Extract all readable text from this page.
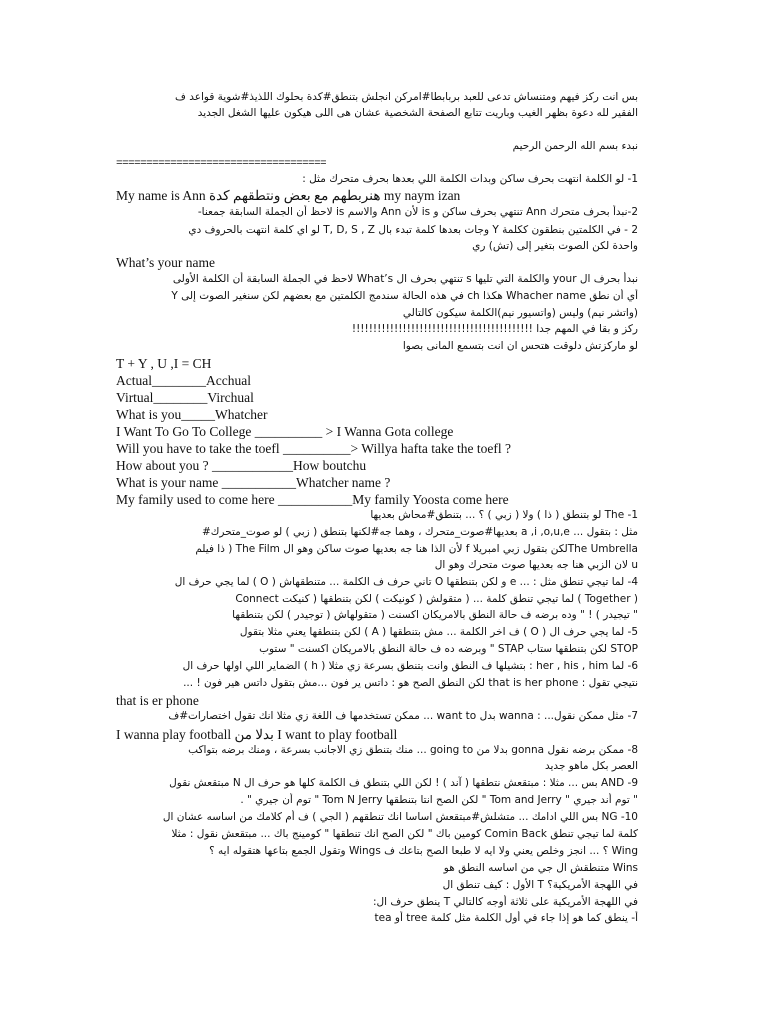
بس انت ركز فيهم ومتنساش تدعى للعبد بربابطا#امركن انجلش بتنطق#كدة بحلوك اللذيذ#شوية قواعد ف
الفقير لله دعوة بظهر الغيب وباريت تتابع الصفحة الشخصية عشان هى اللى هيكون عليها الشغل الجديد
نبدء بسم الله الرحمن الرحيم
===================================
1- لو الكلمة انتهت بحرف ساكن وبدات الكلمة اللي بعدها بحرف متحرك مثل :
My name is Ann هنربطهم مع بعض ونتطقهم كدة my naym izan
2-نبدأ بحرف متحرك Ann تنتهي بحرف ساكن و is لأن Ann والاسم is لاحظ أن الجملة السابقة جمعنا-
2 - في الكلمتين بنطقون ككلمة Y وجات بعدها كلمة تبدء بال T, D, S , Z لو اي كلمة انتهت بالحروف دي
واحدة لكن الصوت بتغير إلى (تش) ري
What’s your name
نبدأ بحرف ال your والكلمة التي تليها s تنتهي بحرف ال What’s لاحظ في الجملة السابقة أن الكلمة الأولى
أي أن نطق Whacher name هكذا ch في هذه الحالة سندمج الكلمتين مع بعضهم لكن سنغير الصوت إلى Y
(واتشر نيم) وليس (واتسيور نيم)الكلمة سيكون كالتالي
ركز و بقا في المهم جدا !!!!!!!!!!!!!!!!!!!!!!!!!!!!!!!!!!!!!!!!!!!
لو ماركزتش دلوقت هتحس ان انت بتسمع المانى بصوا
T + Y , U ,I = CH
Actual________Acchual
Virtual________Virchual
What is you_____Whatcher
I Want To Go To College __________ > I Wanna Gota college
Will you have to take the toefl __________> Willya hafta take the toefl ?
How about you ? ____________How boutchu
What is your name ___________Whatcher name ?
My family used to come here ___________My family Yoosta come here
1- The لو بتنطق ( ذا ) ولا ( زبي ) ؟ ... بتنطق#محاش بعديها
مثل : بتقول ... a ,i ,o,u,e بعديها#صوت_متحرك ، وهما جه#لكنها بتنطق ( زبي ) لو صوت_متحرك#
The Umbrellaلكن بتقول زبي امبريلا f لأن الذا هنا جه بعديها صوت ساكن وهو ال The Film ( ذا فيلم
u لان الزبي هنا جه بعديها صوت متحرك وهو ال
4- لما تيجي تنطق مثل : ... e و لكن بتنطقها O تاني حرف ف الكلمة ... متنطقهاش ( O ) لما يجي حرف ال
( Together ) لما تيجي تنطق كلمة ... ( متقولش ( كونيكت ) لكن بتنطقها ( كنيكت Connect
" تيجيدر ) ! " وده برضه ف حالة النطق بالامريكان اكسنت ( متقولهاش ( توجيدر ) لكن بتنطقها
5- لما يجي حرف ال ( O ) ف اخر الكلمة ... مش بتنطقها ( A ) لكن بتنطقها يعني مثلا بتقول
STOP لكن بتنطقها ستاب STAP " وبرضه ده ف حالة النطق بالامريكان اكسنت " ستوب
6- لما her , his , him : بتشيلها ف النطق وانت بتنطق بسرعة زي مثلا ( h ) الضماير اللي اولها حرف ال
نتيجي تقول : that is her phone لكن النطق الصح هو : داتس ير فون ...مش بتقول داتس هير فون ! ...
that is er phone
7- مثل ممكن نقول... : wanna بدل want to ... ممكن تستخدمها ف اللغة زي مثلا انك تقول اختصارات#ف
I wanna play football بدلا من I want to play football
8- ممكن برضه نقول gonna بدلا من going to ... منك بتنطق زي الاجانب بسرعة ، ومنك برضه بتواكب
العصر بكل ماهو جديد
9- AND بس ... مثلا : مبتقعش نتطقها ( آند ) ! لكن اللي بتنطق ف الكلمة كلها هو حرف ال N مبتقعش نقول
" توم أند جيري " Tom and Jerry " لكن الصح انتا بتنطقها Tom N Jerry " توم أن جيري " .
10- NG بس اللي ادامك ... متشلش#مبتقعش اساسا انك تنطقهم ( الجي ) ف أم كلامك من اساسه عشان ال
كلمة لما تيجي تنطق Comin Back كومين باك " لكن الصح انك تنطقها " كومينج باك ... مبتقعش نقول : مثلا
Wing ؟ ... انجز وخلص يعني ولا ايه لا طبعا الصح بتاعك ف Wings وتقول الجمع بتاعها هتقوله ايه ؟
Wins متنطقش ال جي من اساسه النطق هو
في اللهجة الأمريكية؟ T الأول : كيف تنطق ال
في اللهجة الأمريكية على ثلاثة أوجه كالتالي T ينطق حرف ال:
أ- ينطق كما هو إذا جاء في أول الكلمة مثل كلمة tree أو tea
